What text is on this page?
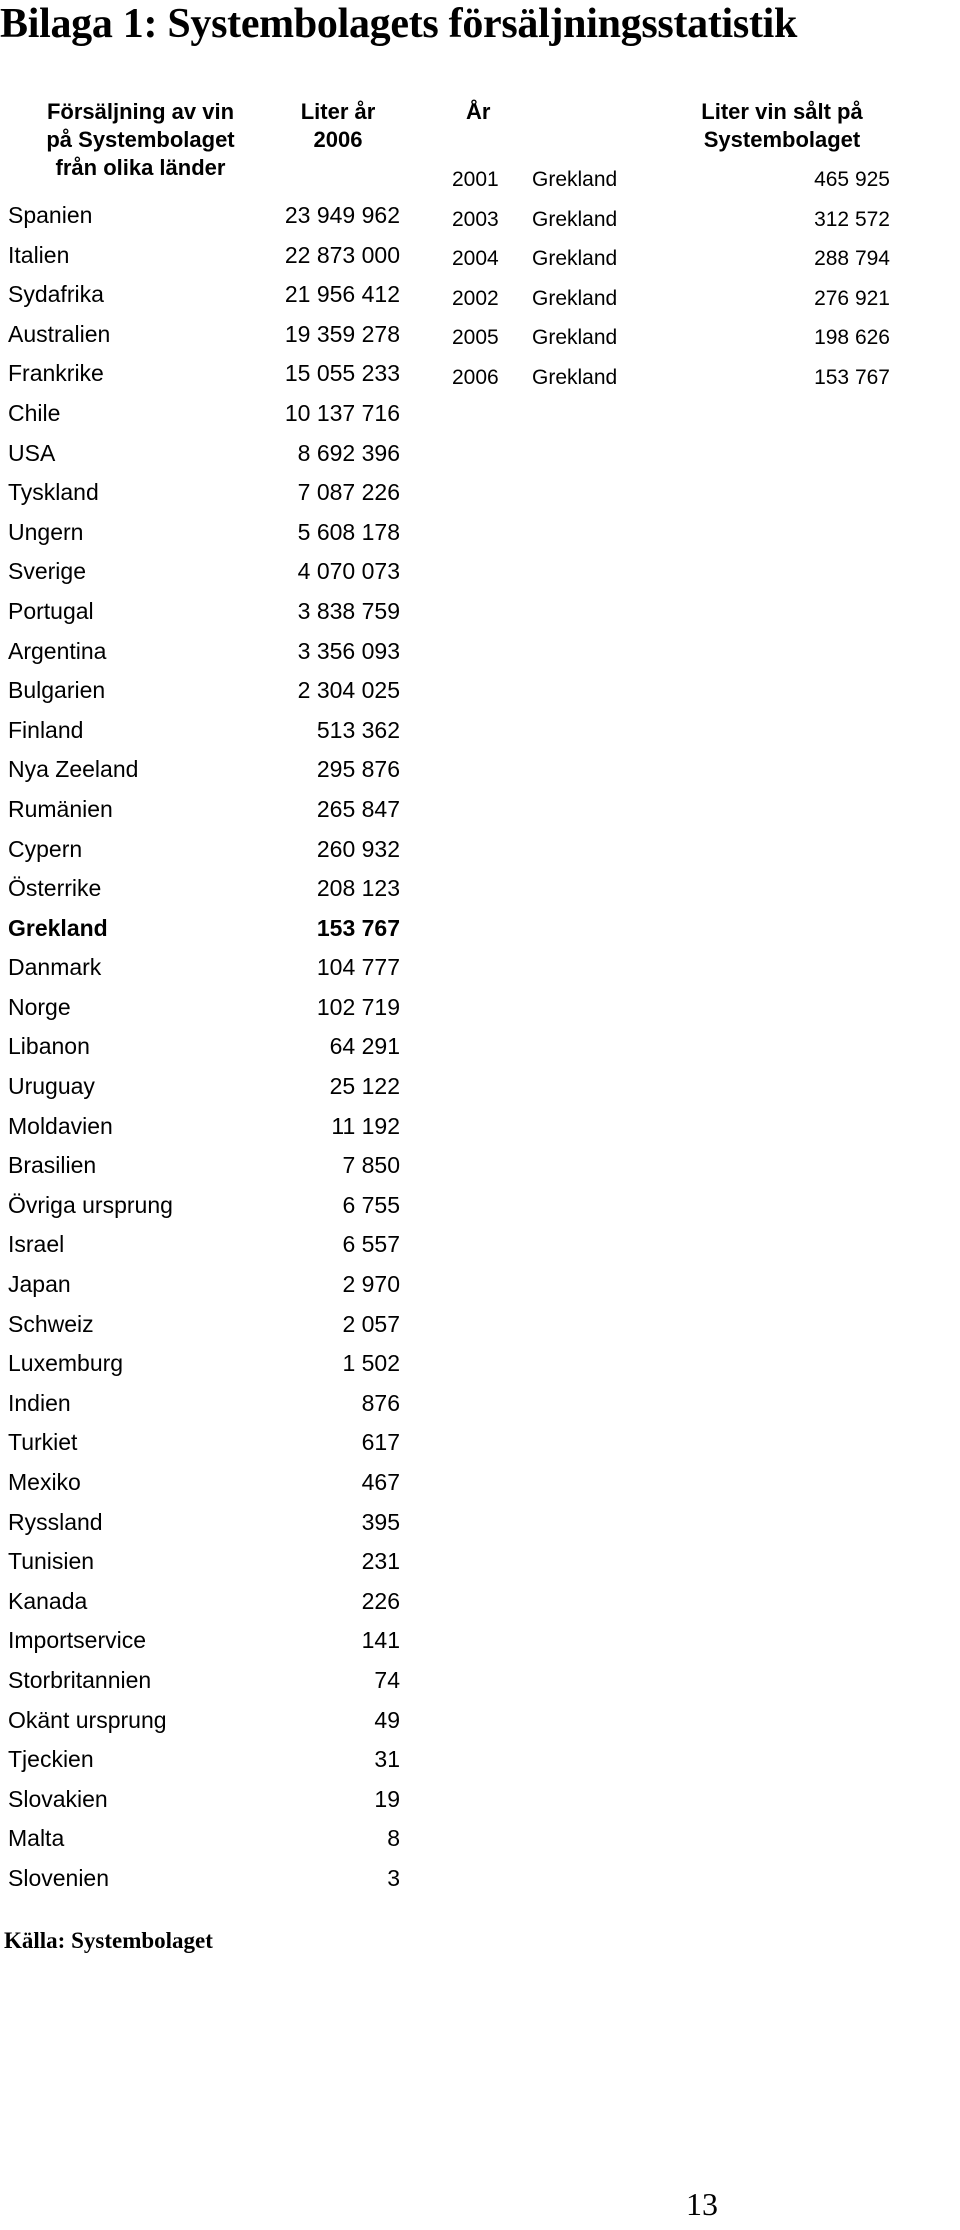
Bilaga 1: Systembolagets försäljningsstatistik
Försäljning av vin
på Systembolaget
från olika länder
Liter år
2006
Spanien	23 949 962
Italien	22 873 000
Sydafrika	21 956 412
Australien	19 359 278
Frankrike	15 055 233
Chile	10 137 716
USA	8 692 396
Tyskland	7 087 226
Ungern	5 608 178
Sverige	4 070 073
Portugal	3 838 759
Argentina	3 356 093
Bulgarien	2 304 025
Finland	513 362
Nya Zeeland	295 876
Rumänien	265 847
Cypern	260 932
Österrike	208 123
Grekland	153 767
Danmark	104 777
Norge	102 719
Libanon	64 291
Uruguay	25 122
Moldavien	11 192
Brasilien	7 850
Övriga ursprung	6 755
Israel	6 557
Japan	2 970
Schweiz	2 057
Luxemburg	1 502
Indien	876
Turkiet	617
Mexiko	467
Ryssland	395
Tunisien	231
Kanada	226
Importservice	141
Storbritannien	74
Okänt ursprung	49
Tjeckien	31
Slovakien	19
Malta	8
Slovenien	3
År	Liter vin sålt på
Systembolaget
2001 Grekland	465 925
2003 Grekland	312 572
2004 Grekland	288 794
2002 Grekland	276 921
2005 Grekland	198 626
2006 Grekland	153 767
Källa: Systembolaget
13
